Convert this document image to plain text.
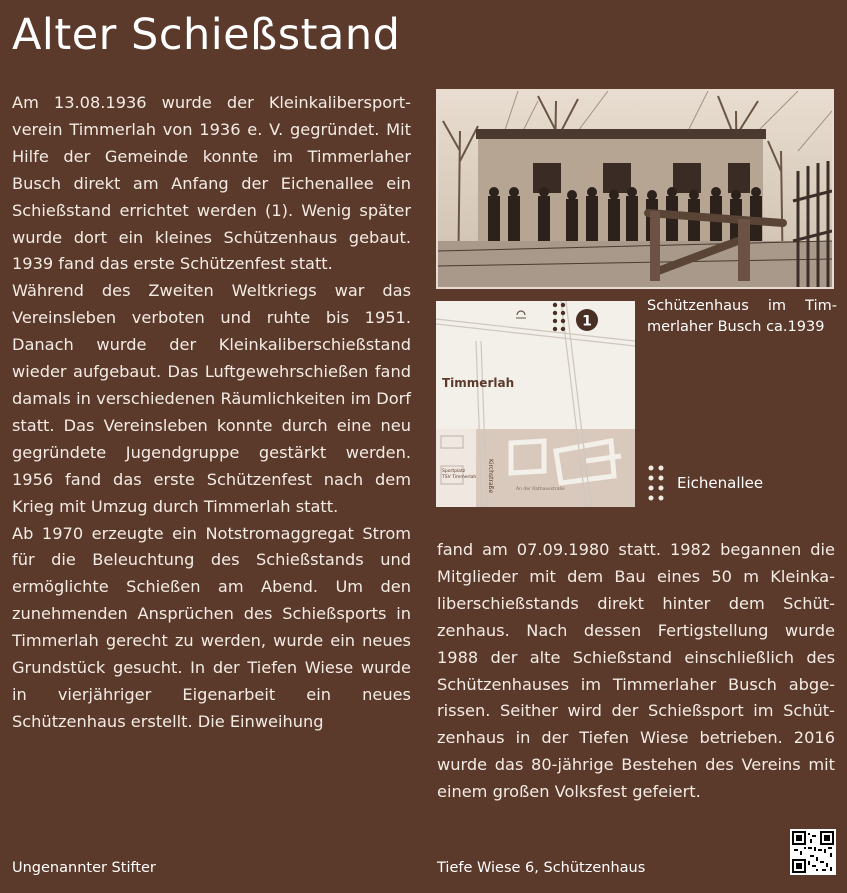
Alter Schießstand

Am 13.08.1936 wurde der Kleinkalibersportverein Timmerlah von 1936 e. V. gegründet. Mit Hilfe der Gemeinde konnte im Timmerlaher Busch direkt am Anfang der Eichenallee ein Schießstand errichtet werden (1). Wenig später wurde dort ein kleines Schützenhaus gebaut. 1939 fand das erste Schützenfest statt.

Während des Zweiten Weltkriegs war das Vereinsleben verboten und ruhte bis 1951. Danach wurde der Kleinkaliberschießstand wieder aufgebaut. Das Luftgewehrschießen fand damals in verschiedenen Räumlichkeiten im Dorf statt. Das Vereinsleben konnte durch eine neu gegründete Jugendgruppe gestärkt werden. 1956 fand das erste Schützenfest nach dem Krieg mit Umzug durch Timmerlah statt.

Ab 1970 erzeugte ein Notstromaggregat Strom für die Beleuchtung des Schießstands und ermöglichte Schießen am Abend. Um den zunehmenden Ansprüchen des Schießsports in Timmerlah gerecht zu werden, wurde ein neues Grundstück gesucht. In der Tiefen Wiese wurde in vierjähriger Eigenarbeit ein neues Schützenhaus erstellt. Die Einweihung

1
Timmerlah
Kirchstraße
Sportplatz
TSV Timmerlah
An der Rathausstraße
Schützenhaus im Timmerlaher Busch ca.1939
Eichenallee

fand am 07.09.1980 statt. 1982 begannen die Mitglieder mit dem Bau eines 50 m Kleinkaliberschießstands direkt hinter dem Schützenhaus. Nach dessen Fertigstellung wurde 1988 der alte Schießstand einschließlich des Schützenhauses im Timmerlaher Busch abgerissen. Seither wird der Schießsport im Schützenhaus in der Tiefen Wiese betrieben. 2016 wurde das 80-jährige Bestehen des Vereins mit einem großen Volksfest gefeiert.

Ungenannter Stifter	Tiefe Wiese 6, Schützenhaus
